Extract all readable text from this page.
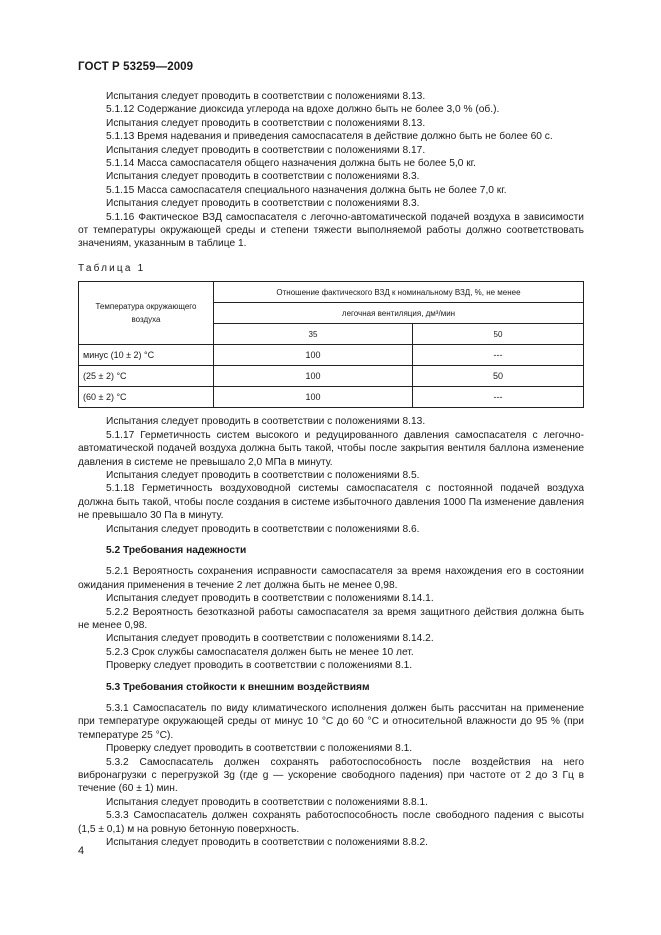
ГОСТ Р 53259—2009

Испытания следует проводить в соответствии с положениями 8.13.

5.1.12 Содержание диоксида углерода на вдохе должно быть не более 3,0 % (об.).

Испытания следует проводить в соответствии с положениями 8.13.

5.1.13 Время надевания и приведения самоспасателя в действие должно быть не более 60 с.

Испытания следует проводить в соответствии с положениями 8.17.

5.1.14 Масса самоспасателя общего назначения должна быть не более 5,0 кг.

Испытания следует проводить в соответствии с положениями 8.3.

5.1.15 Масса самоспасателя специального назначения должна быть не более 7,0 кг.

Испытания следует проводить в соответствии с положениями 8.3.

5.1.16 Фактическое ВЗД самоспасателя с легочно-автоматической подачей воздуха в зависимости от температуры окружающей среды и степени тяжести выполняемой работы должно соответствовать значениям, указанным в таблице 1.

Таблица 1

Температура окружающего воздуха	Отношение фактического ВЗД к номинальному ВЗД, %, не менее	
	легочная вентиляция, дм³/мин	
	35	50
минус (10 ± 2) °С	100	---
(25 ± 2) °С	100	50
(60 ± 2) °С	100	---

Испытания следует проводить в соответствии с положениями 8.13.

5.1.17 Герметичность систем высокого и редуцированного давления самоспасателя с легочно-автоматической подачей воздуха должна быть такой, чтобы после закрытия вентиля баллона изменение давления в системе не превышало 2,0 МПа в минуту.

Испытания следует проводить в соответствии с положениями 8.5.

5.1.18 Герметичность воздуховодной системы самоспасателя с постоянной подачей воздуха должна быть такой, чтобы после создания в системе избыточного давления 1000 Па изменение давления не превышало 30 Па в минуту.

Испытания следует проводить в соответствии с положениями 8.6.

5.2 Требования надежности

5.2.1 Вероятность сохранения исправности самоспасателя за время нахождения его в состоянии ожидания применения в течение 2 лет должна быть не менее 0,98.

Испытания следует проводить в соответствии с положениями 8.14.1.

5.2.2 Вероятность безотказной работы самоспасателя за время защитного действия должна быть не менее 0,98.

Испытания следует проводить в соответствии с положениями 8.14.2.

5.2.3 Срок службы самоспасателя должен быть не менее 10 лет.

Проверку следует проводить в соответствии с положениями 8.1.

5.3 Требования стойкости к внешним воздействиям

5.3.1 Самоспасатель по виду климатического исполнения должен быть рассчитан на применение при температуре окружающей среды от минус 10 °С до 60 °С и относительной влажности до 95 % (при температуре 25 °С).

Проверку следует проводить в соответствии с положениями 8.1.

5.3.2 Самоспасатель должен сохранять работоспособность после воздействия на него вибронагрузки с перегрузкой 3g (где g — ускорение свободного падения) при частоте от 2 до 3 Гц в течение (60 ± 1) мин.

Испытания следует проводить в соответствии с положениями 8.8.1.

5.3.3 Самоспасатель должен сохранять работоспособность после свободного падения с высоты (1,5 ± 0,1) м на ровную бетонную поверхность.

Испытания следует проводить в соответствии с положениями 8.8.2.

4
